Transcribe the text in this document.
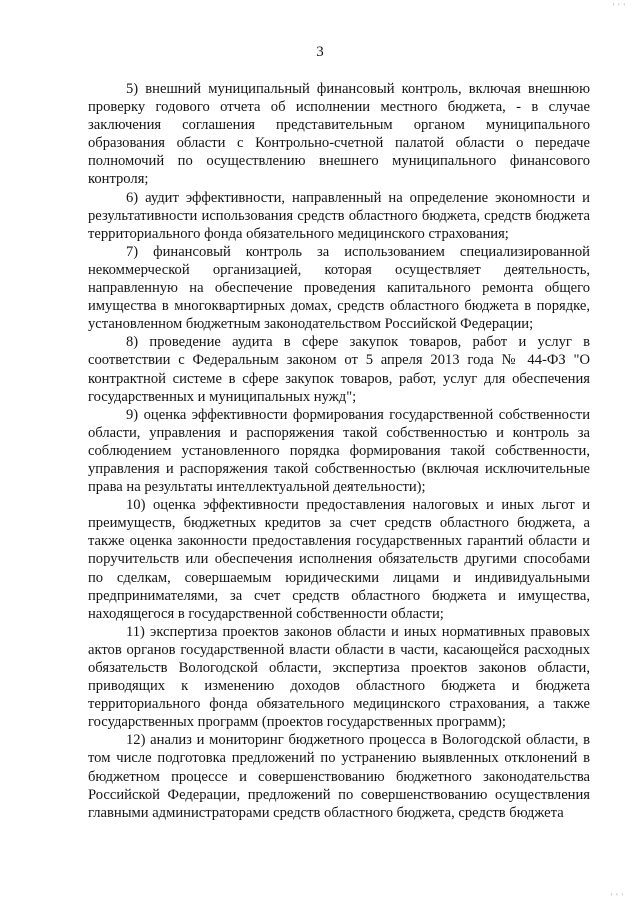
' ' '
3

5) внешний муниципальный финансовый контроль, включая внешнюю проверку годового отчета об исполнении местного бюджета, - в случае заключения соглашения представительным органом муниципального образования области с Контрольно-счетной палатой области о передаче полномочий по осуществлению внешнего муниципального финансового контроля;

6) аудит эффективности, направленный на определение экономности и результативности использования средств областного бюджета, средств бюджета территориального фонда обязательного медицинского страхования;

7) финансовый контроль за использованием специализированной некоммерческой организацией, которая осуществляет деятельность, направленную на обеспечение проведения капитального ремонта общего имущества в многоквартирных домах, средств областного бюджета в порядке, установленном бюджетным законодательством Российской Федерации;

8) проведение аудита в сфере закупок товаров, работ и услуг в соответствии с Федеральным законом от 5 апреля 2013 года № 44-ФЗ "О контрактной системе в сфере закупок товаров, работ, услуг для обеспечения государственных и муниципальных нужд";

9) оценка эффективности формирования государственной собственности области, управления и распоряжения такой собственностью и контроль за соблюдением установленного порядка формирования такой собственности, управления и распоряжения такой собственностью (включая исключительные права на результаты интеллектуальной деятельности);

10) оценка эффективности предоставления налоговых и иных льгот и преимуществ, бюджетных кредитов за счет средств областного бюджета, а также оценка законности предоставления государственных гарантий области и поручительств или обеспечения исполнения обязательств другими способами по сделкам, совершаемым юридическими лицами и индивидуальными предпринимателями, за счет средств областного бюджета и имущества, находящегося в государственной собственности области;

11) экспертиза проектов законов области и иных нормативных правовых актов органов государственной власти области в части, касающейся расходных обязательств Вологодской области, экспертиза проектов законов области, приводящих к изменению доходов областного бюджета и бюджета территориального фонда обязательного медицинского страхования, а также государственных программ (проектов государственных программ);

12) анализ и мониторинг бюджетного процесса в Вологодской области, в том числе подготовка предложений по устранению выявленных отклонений в бюджетном процессе и совершенствованию бюджетного законодательства Российской Федерации, предложений по совершенствованию осуществления главными администраторами средств областного бюджета, средств бюджета

' ' '
